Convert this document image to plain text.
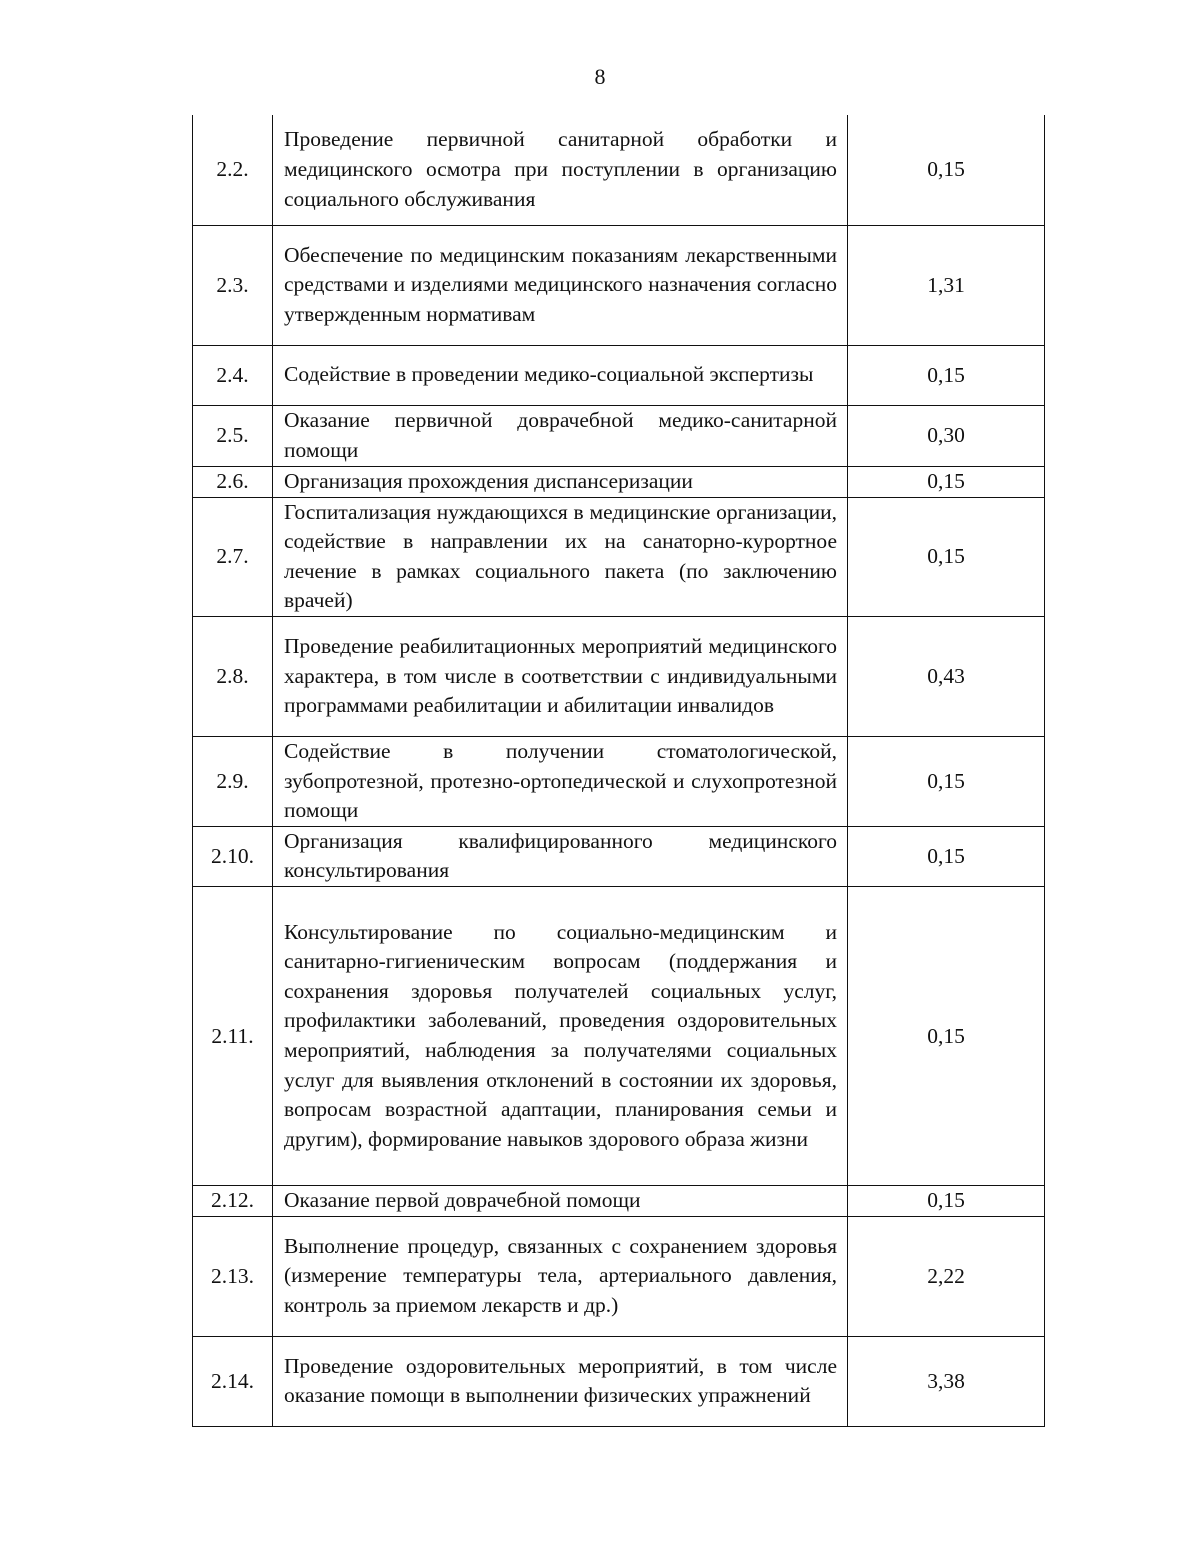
8
2.2.	Проведение первичной санитарной обработки и медицинского осмотра при поступлении в организацию социального обслуживания	0,15
2.3.	Обеспечение по медицинским показаниям лекарственными средствами и изделиями медицинского назначения согласно утвержденным нормативам	1,31
2.4.	Содействие в проведении медико-социальной экспертизы	0,15
2.5.	Оказание первичной доврачебной медико-санитарной помощи	0,30
2.6.	Организация прохождения диспансеризации	0,15
2.7.	Госпитализация нуждающихся в медицинские организации, содействие в направлении их на санаторно-курортное лечение в рамках социального пакета (по заключению врачей)	0,15
2.8.	Проведение реабилитационных мероприятий медицинского характера, в том числе в соответствии с индивидуальными программами реабилитации и абилитации инвалидов	0,43
2.9.	Содействие в получении стоматологической, зубопротезной, протезно-ортопедической и слухопротезной помощи	0,15
2.10.	Организация квалифицированного медицинского консультирования	0,15
2.11.	Консультирование по социально-медицинским и санитарно-гигиеническим вопросам (поддержания и сохранения здоровья получателей социальных услуг, профилактики заболеваний, проведения оздоровительных мероприятий, наблюдения за получателями социальных услуг для выявления отклонений в состоянии их здоровья, вопросам возрастной адаптации, планирования семьи и другим), формирование навыков здорового образа жизни	0,15
2.12.	Оказание первой доврачебной помощи	0,15
2.13.	Выполнение процедур, связанных с сохранением здоровья (измерение температуры тела, артериального давления, контроль за приемом лекарств и др.)	2,22
2.14.	Проведение оздоровительных мероприятий, в том числе оказание помощи в выполнении физических упражнений	3,38
